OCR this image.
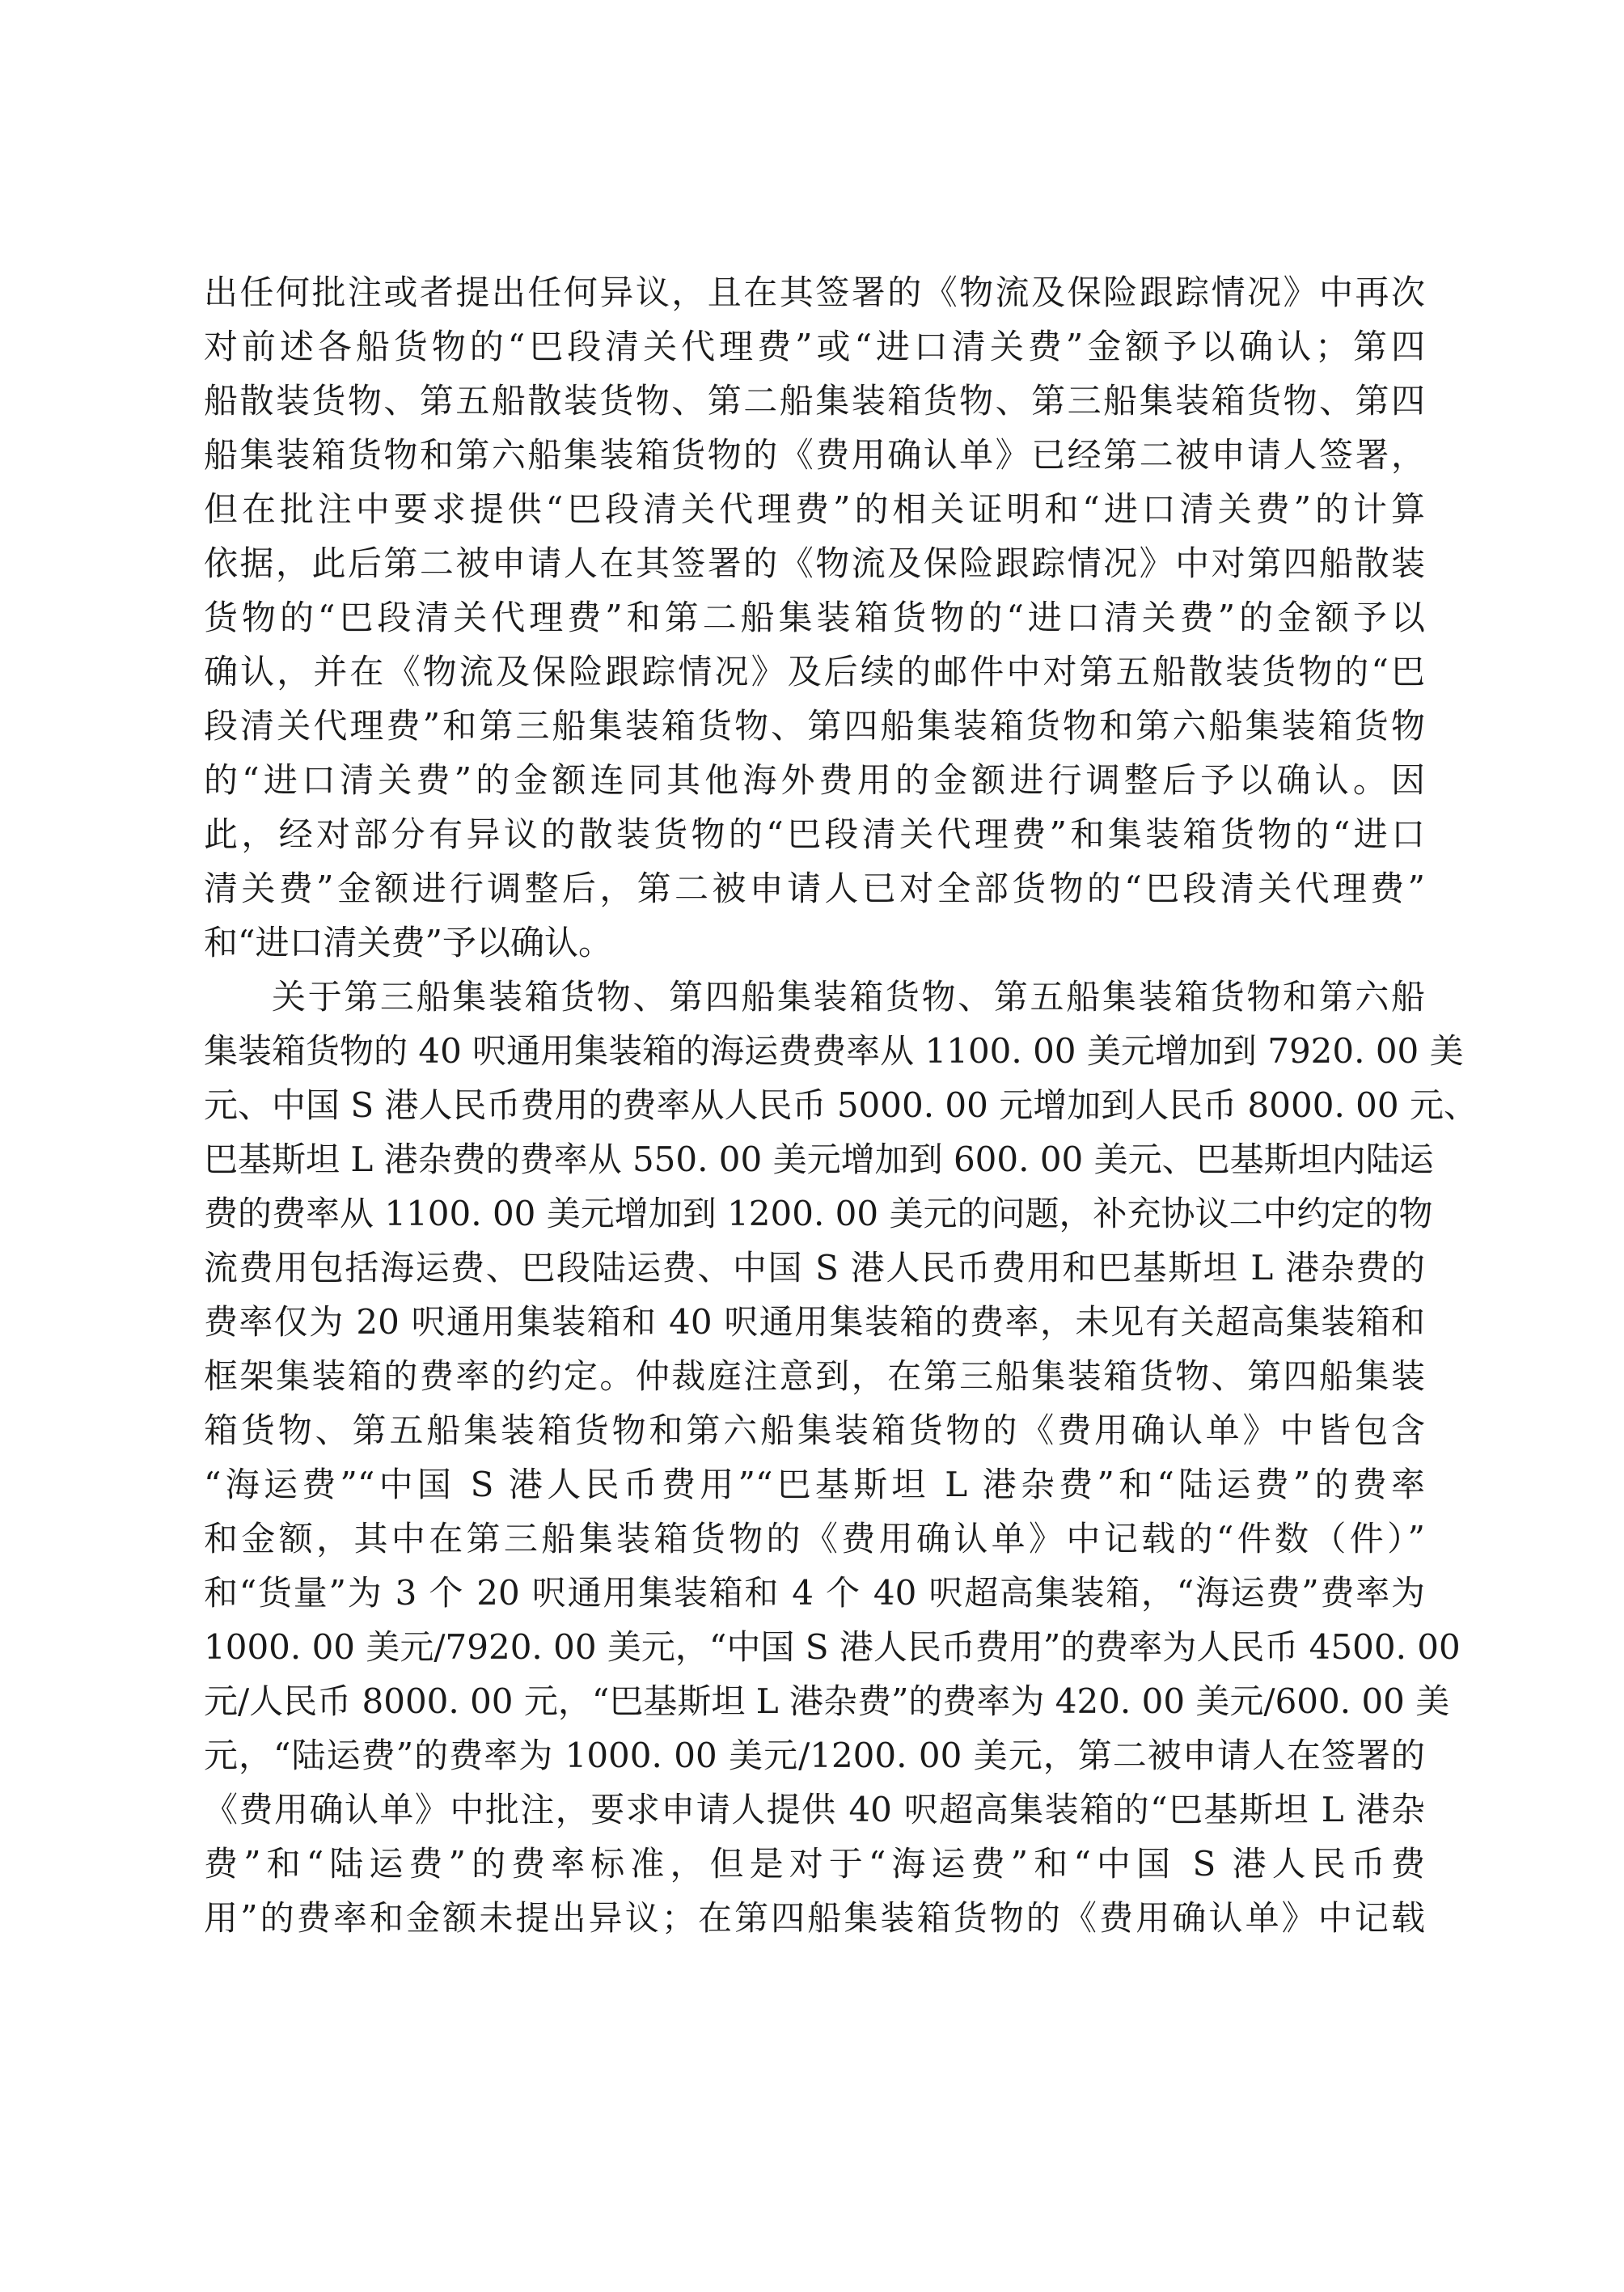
出任何批注或者提出任何异议，且在其签署的《物流及保险跟踪情况》中再次
对前述各船货物的“巴段清关代理费”或“进口清关费”金额予以确认；第四
船散装货物、第五船散装货物、第二船集装箱货物、第三船集装箱货物、第四
船集装箱货物和第六船集装箱货物的《费用确认单》已经第二被申请人签署，
但在批注中要求提供“巴段清关代理费”的相关证明和“进口清关费”的计算
依据，此后第二被申请人在其签署的《物流及保险跟踪情况》中对第四船散装
货物的“巴段清关代理费”和第二船集装箱货物的“进口清关费”的金额予以
确认，并在《物流及保险跟踪情况》及后续的邮件中对第五船散装货物的“巴
段清关代理费”和第三船集装箱货物、第四船集装箱货物和第六船集装箱货物
的“进口清关费”的金额连同其他海外费用的金额进行调整后予以确认。因
此，经对部分有异议的散装货物的“巴段清关代理费”和集装箱货物的“进口
清关费”金额进行调整后，第二被申请人已对全部货物的“巴段清关代理费”
和“进口清关费”予以确认。
关于第三船集装箱货物、第四船集装箱货物、第五船集装箱货物和第六船
集装箱货物的 40 呎通用集装箱的海运费费率从 1100. 00 美元增加到 7920. 00 美
元、中国 S 港人民币费用的费率从人民币 5000. 00 元增加到人民币 8000. 00 元、
巴基斯坦 L 港杂费的费率从 550. 00 美元增加到 600. 00 美元、巴基斯坦内陆运
费的费率从 1100. 00 美元增加到 1200. 00 美元的问题，补充协议二中约定的物
流费用包括海运费、巴段陆运费、中国 S 港人民币费用和巴基斯坦 L 港杂费的
费率仅为 20 呎通用集装箱和 40 呎通用集装箱的费率，未见有关超高集装箱和
框架集装箱的费率的约定。仲裁庭注意到，在第三船集装箱货物、第四船集装
箱货物、第五船集装箱货物和第六船集装箱货物的《费用确认单》中皆包含
“海运费”“中国 S 港人民币费用”“巴基斯坦 L 港杂费”和“陆运费”的费率
和金额，其中在第三船集装箱货物的《费用确认单》中记载的“件数（件）”
和“货量”为 3 个 20 呎通用集装箱和 4 个 40 呎超高集装箱，“海运费”费率为
1000. 00 美元/7920. 00 美元，“中国 S 港人民币费用”的费率为人民币 4500. 00
元/人民币 8000. 00 元，“巴基斯坦 L 港杂费”的费率为 420. 00 美元/600. 00 美
元，“陆运费”的费率为 1000. 00 美元/1200. 00 美元，第二被申请人在签署的
《费用确认单》中批注，要求申请人提供 40 呎超高集装箱的“巴基斯坦 L 港杂
费”和“陆运费”的费率标准，但是对于“海运费”和“中国 S 港人民币费
用”的费率和金额未提出异议；在第四船集装箱货物的《费用确认单》中记载
